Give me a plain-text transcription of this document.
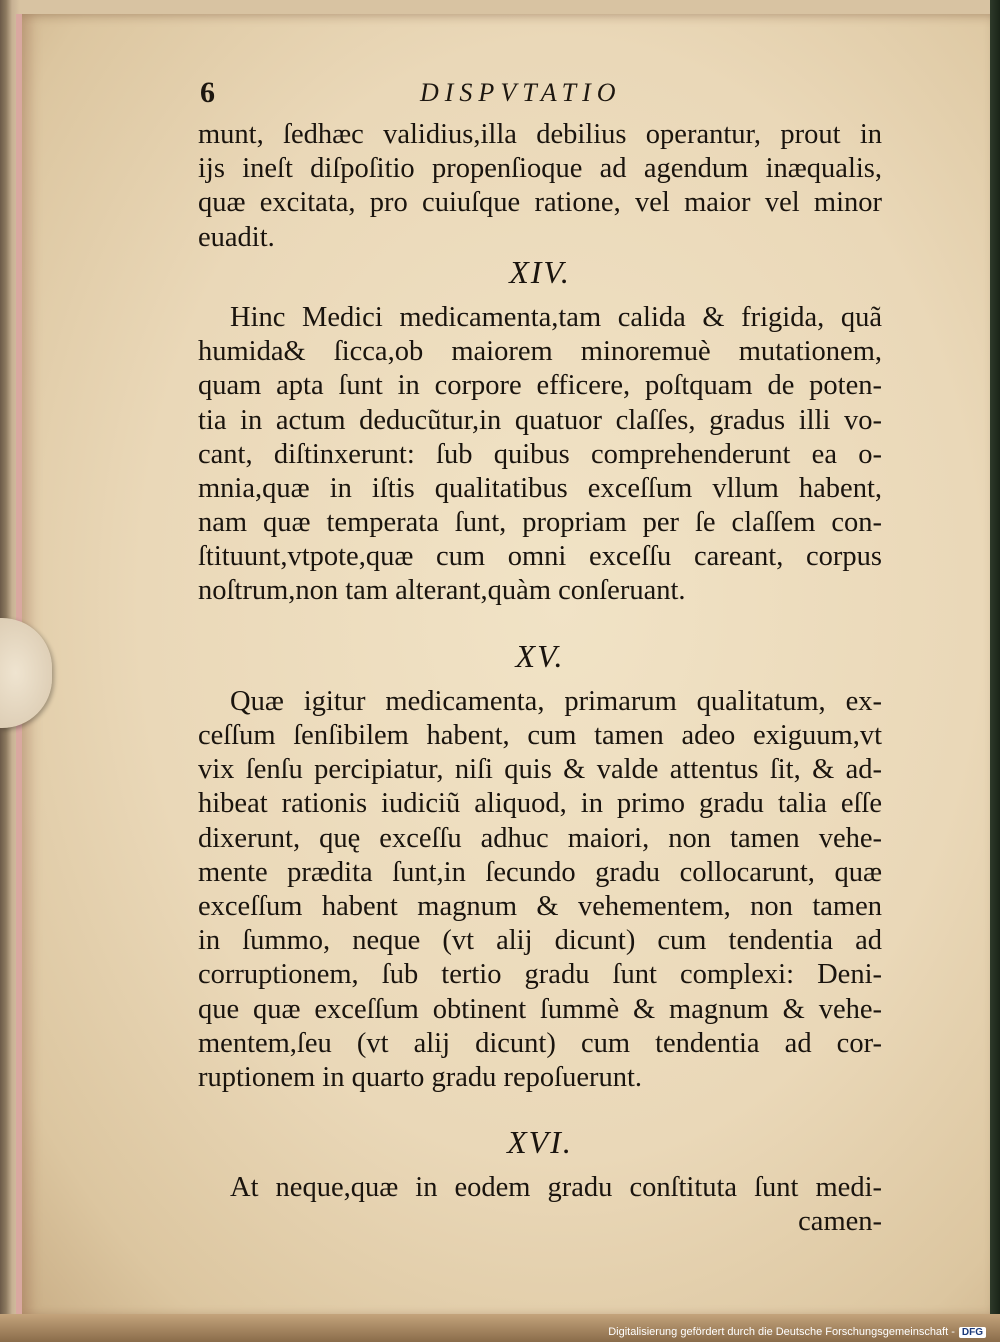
6	DISPVTATIO
munt, ſedhæc validius,illa debilius operantur, prout in
ijs ineſt diſpoſitio propenſioque ad agendum inæqualis,
quæ excitata, pro cuiuſque ratione, vel maior vel minor
euadit.
XIV.
Hinc Medici medicamenta,tam calida & frigida, quã
humida& ſicca,ob maiorem minoremuè mutationem,
quam apta ſunt in corpore efficere, poſtquam de poten-
tia in actum deducũtur,in quatuor claſſes, gradus illi vo-
cant, diſtinxerunt: ſub quibus comprehenderunt ea o-
mnia,quæ in iſtis qualitatibus exceſſum vllum habent,
nam quæ temperata ſunt, propriam per ſe claſſem con-
ſtituunt,vtpote,quæ cum omni exceſſu careant, corpus
noſtrum,non tam alterant,quàm conſeruant.
XV.
Quæ igitur medicamenta, primarum qualitatum, ex-
ceſſum ſenſibilem habent, cum tamen adeo exiguum,vt
vix ſenſu percipiatur, niſi quis & valde attentus ſit, & ad-
hibeat rationis iudiciũ aliquod, in primo gradu talia eſſe
dixerunt, quę exceſſu adhuc maiori, non tamen vehe-
mente prædita ſunt,in ſecundo gradu collocarunt, quæ
exceſſum habent magnum & vehementem, non tamen
in ſummo, neque (vt alij dicunt) cum tendentia ad
corruptionem, ſub tertio gradu ſunt complexi: Deni-
que quæ exceſſum obtinent ſummè & magnum & vehe-
mentem,ſeu (vt alij dicunt) cum tendentia ad cor-
ruptionem in quarto gradu repoſuerunt.
XVI.
At neque,quæ in eodem gradu conſtituta ſunt medi-
camen-
Digitalisierung gefördert durch die Deutsche Forschungsgemeinschaft - DFG
